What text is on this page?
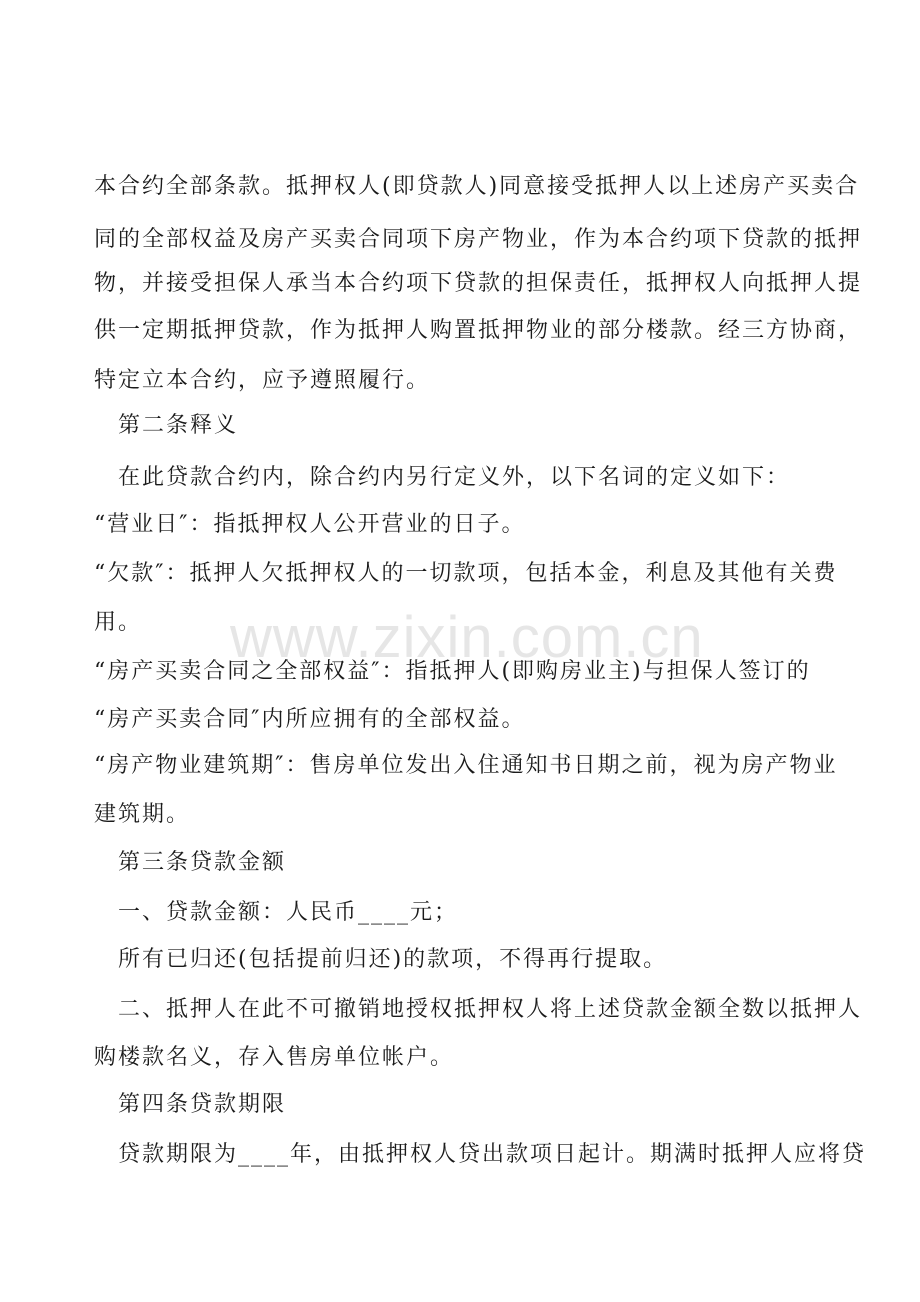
www.zixin.com.cn
本合约全部条款。抵押权人(即贷款人)同意接受抵押人以上述房产买卖合
同的全部权益及房产买卖合同项下房产物业，作为本合约项下贷款的抵押
物，并接受担保人承当本合约项下贷款的担保责任，抵押权人向抵押人提
供一定期抵押贷款，作为抵押人购置抵押物业的部分楼款。经三方协商，
特定立本合约，应予遵照履行。
第二条释义
在此贷款合约内，除合约内另行定义外，以下名词的定义如下：
“营业日″：指抵押权人公开营业的日子。
“欠款″：抵押人欠抵押权人的一切款项，包括本金，利息及其他有关费
用。
“房产买卖合同之全部权益″：指抵押人(即购房业主)与担保人签订的
“房产买卖合同″内所应拥有的全部权益。
“房产物业建筑期″：售房单位发出入住通知书日期之前，视为房产物业
建筑期。
第三条贷款金额
一、贷款金额：人民币____元；
所有已归还(包括提前归还)的款项，不得再行提取。
二、抵押人在此不可撤销地授权抵押权人将上述贷款金额全数以抵押人
购楼款名义，存入售房单位帐户。
第四条贷款期限
贷款期限为____年，由抵押权人贷出款项日起计。期满时抵押人应将贷
